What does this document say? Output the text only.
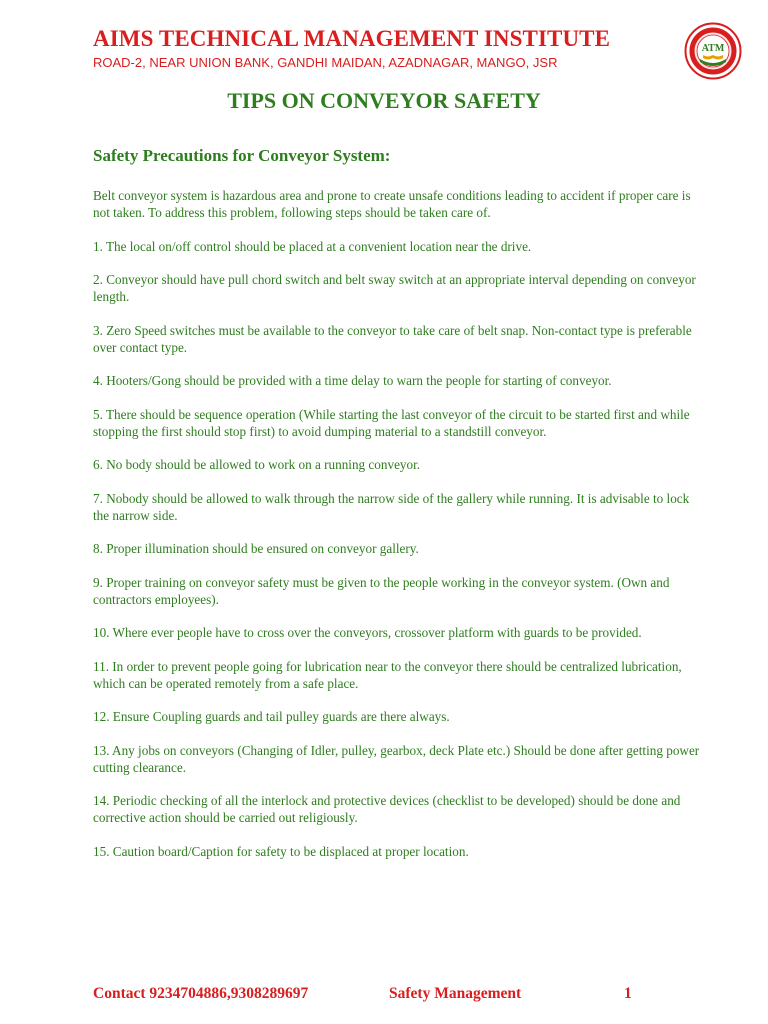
AIMS TECHNICAL MANAGEMENT INSTITUTE
ROAD-2, NEAR UNION BANK, GANDHI MAIDAN, AZADNAGAR, MANGO, JSR
ATM
TIPS ON CONVEYOR SAFETY
Safety Precautions for Conveyor System:

Belt conveyor system is hazardous area and prone to create unsafe conditions leading to accident if proper care is not taken. To address this problem, following steps should be taken care of.

1. The local on/off control should be placed at a convenient location near the drive.

2. Conveyor should have pull chord switch and belt sway switch at an appropriate interval depending on conveyor length.

3. Zero Speed switches must be available to the conveyor to take care of belt snap. Non-contact type is preferable over contact type.

4. Hooters/Gong should be provided with a time delay to warn the people for starting of conveyor.

5. There should be sequence operation (While starting the last conveyor of the circuit to be started first and while stopping the first should stop first) to avoid dumping material to a standstill conveyor.

6. No body should be allowed to work on a running conveyor.

7. Nobody should be allowed to walk through the narrow side of the gallery while running. It is advisable to lock the narrow side.

8. Proper illumination should be ensured on conveyor gallery.

9. Proper training on conveyor safety must be given to the people working in the conveyor system. (Own and contractors employees).

10. Where ever people have to cross over the conveyors, crossover platform with guards to be provided.

11. In order to prevent people going for lubrication near to the conveyor there should be centralized lubrication, which can be operated remotely from a safe place.

12. Ensure Coupling guards and tail pulley guards are there always.

13. Any jobs on conveyors (Changing of Idler, pulley, gearbox, deck Plate etc.) Should be done after getting power cutting clearance.

14. Periodic checking of all the interlock and protective devices (checklist to be developed) should be done and corrective action should be carried out religiously.

15. Caution board/Caption for safety to be displaced at proper location.

Contact 9234704886,9308289697	Safety Management	1
